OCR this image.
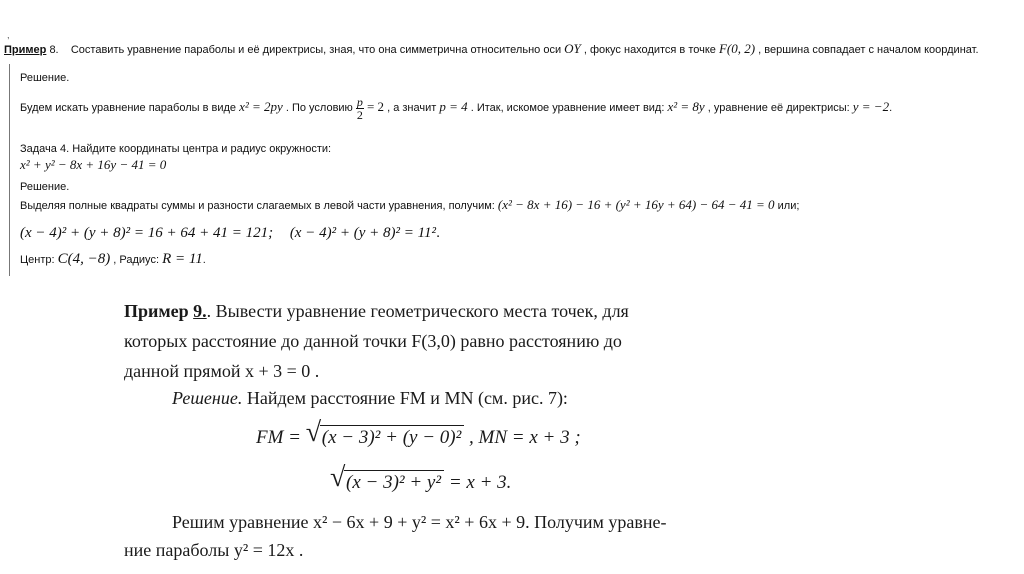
,
Пример 8. Составить уравнение параболы и её директрисы, зная, что она симметрична относительно оси OY , фокус находится в точке F(0, 2) , вершина совпадает с началом координат.
Решение.
Будем искать уравнение параболы в виде x² = 2py . По условию $\frac{p}{2} = 2$ , а значит p = 4 . Итак, искомое уравнение имеет вид: x² = 8y , уравнение её директрисы: y = −2.
Задача 4. Найдите координаты центра и радиус окружности:
x² + y² − 8x + 16y − 41 = 0
Решение.
Выделяя полные квадраты суммы и разности слагаемых в левой части уравнения, получим: (x² − 8x + 16) − 16 + (y² + 16y + 64) − 64 − 41 = 0 или;
(x − 4)² + (y + 8)² = 16 + 64 + 41 = 121; (x − 4)² + (y + 8)² = 11².
Центр: C(4, −8) , Радиус: R = 11.
Пример 9.. Вывести уравнение геометрического места точек, для
которых расстояние до данной точки F(3,0) равно расстоянию до
данной прямой x + 3 = 0 .
Решение. Найдем расстояние FM и MN (см. рис. 7):
FM = √ (x − 3)² + (y − 0)² , MN = x + 3 ;
√ (x − 3)² + y² = x + 3.
Решим уравнение x² − 6x + 9 + y² = x² + 6x + 9. Получим уравне-
ние параболы y² = 12x .
